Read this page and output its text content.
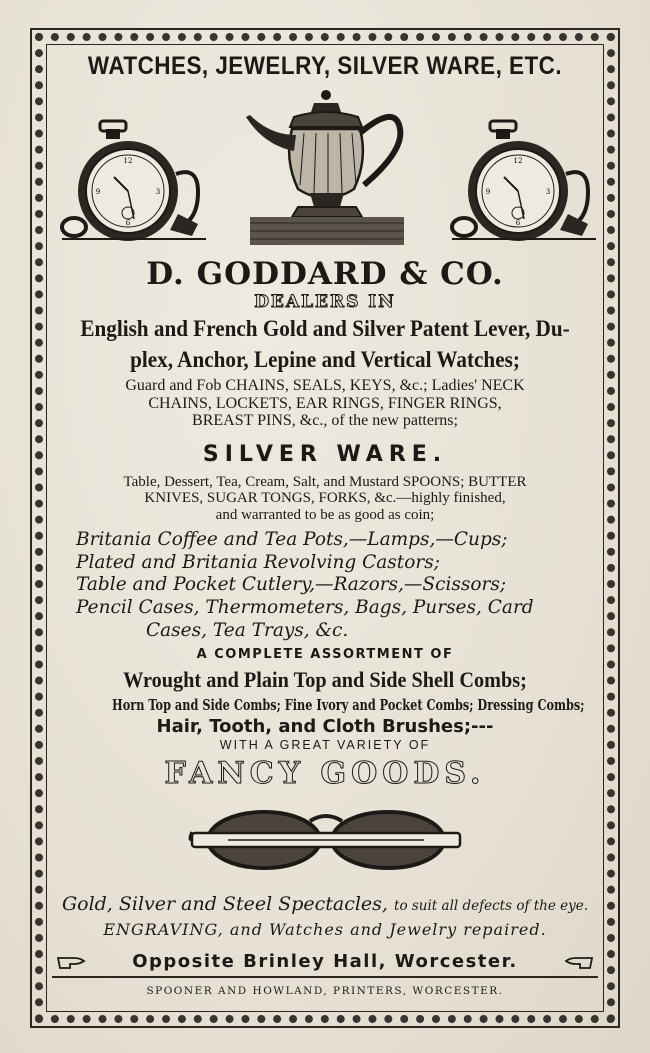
WATCHES, JEWELRY, SILVER WARE, ETC.
12
3
6
9
12
3
6
9
D. GODDARD & CO.
DEALERS IN
English and French Gold and Silver Patent Lever, Du-
plex, Anchor, Lepine and Vertical Watches;
Guard and Fob CHAINS, SEALS, KEYS, &c.; Ladies' NECK
CHAINS, LOCKETS, EAR RINGS, FINGER RINGS,
BREAST PINS, &c., of the new patterns;
SILVER WARE.
Table, Dessert, Tea, Cream, Salt, and Mustard SPOONS; BUTTER
KNIVES, SUGAR TONGS, FORKS, &c.—highly finished,
and warranted to be as good as coin;
Britania Coffee and Tea Pots,—Lamps,—Cups;
Plated and Britania Revolving Castors;
Table and Pocket Cutlery,—Razors,—Scissors;
Pencil Cases, Thermometers, Bags, Purses, Card
Cases, Tea Trays, &c.
A COMPLETE ASSORTMENT OF
Wrought and Plain Top and Side Shell Combs;
Horn Top and Side Combs; Fine Ivory and Pocket Combs; Dressing Combs;
Hair, Tooth, and Cloth Brushes;---
WITH A GREAT VARIETY OF
FANCY GOODS.
Gold, Silver and Steel Spectacles, to suit all defects of the eye.
ENGRAVING, and Watches and Jewelry repaired.
Opposite Brinley Hall, Worcester.
SPOONER AND HOWLAND, PRINTERS, WORCESTER.
